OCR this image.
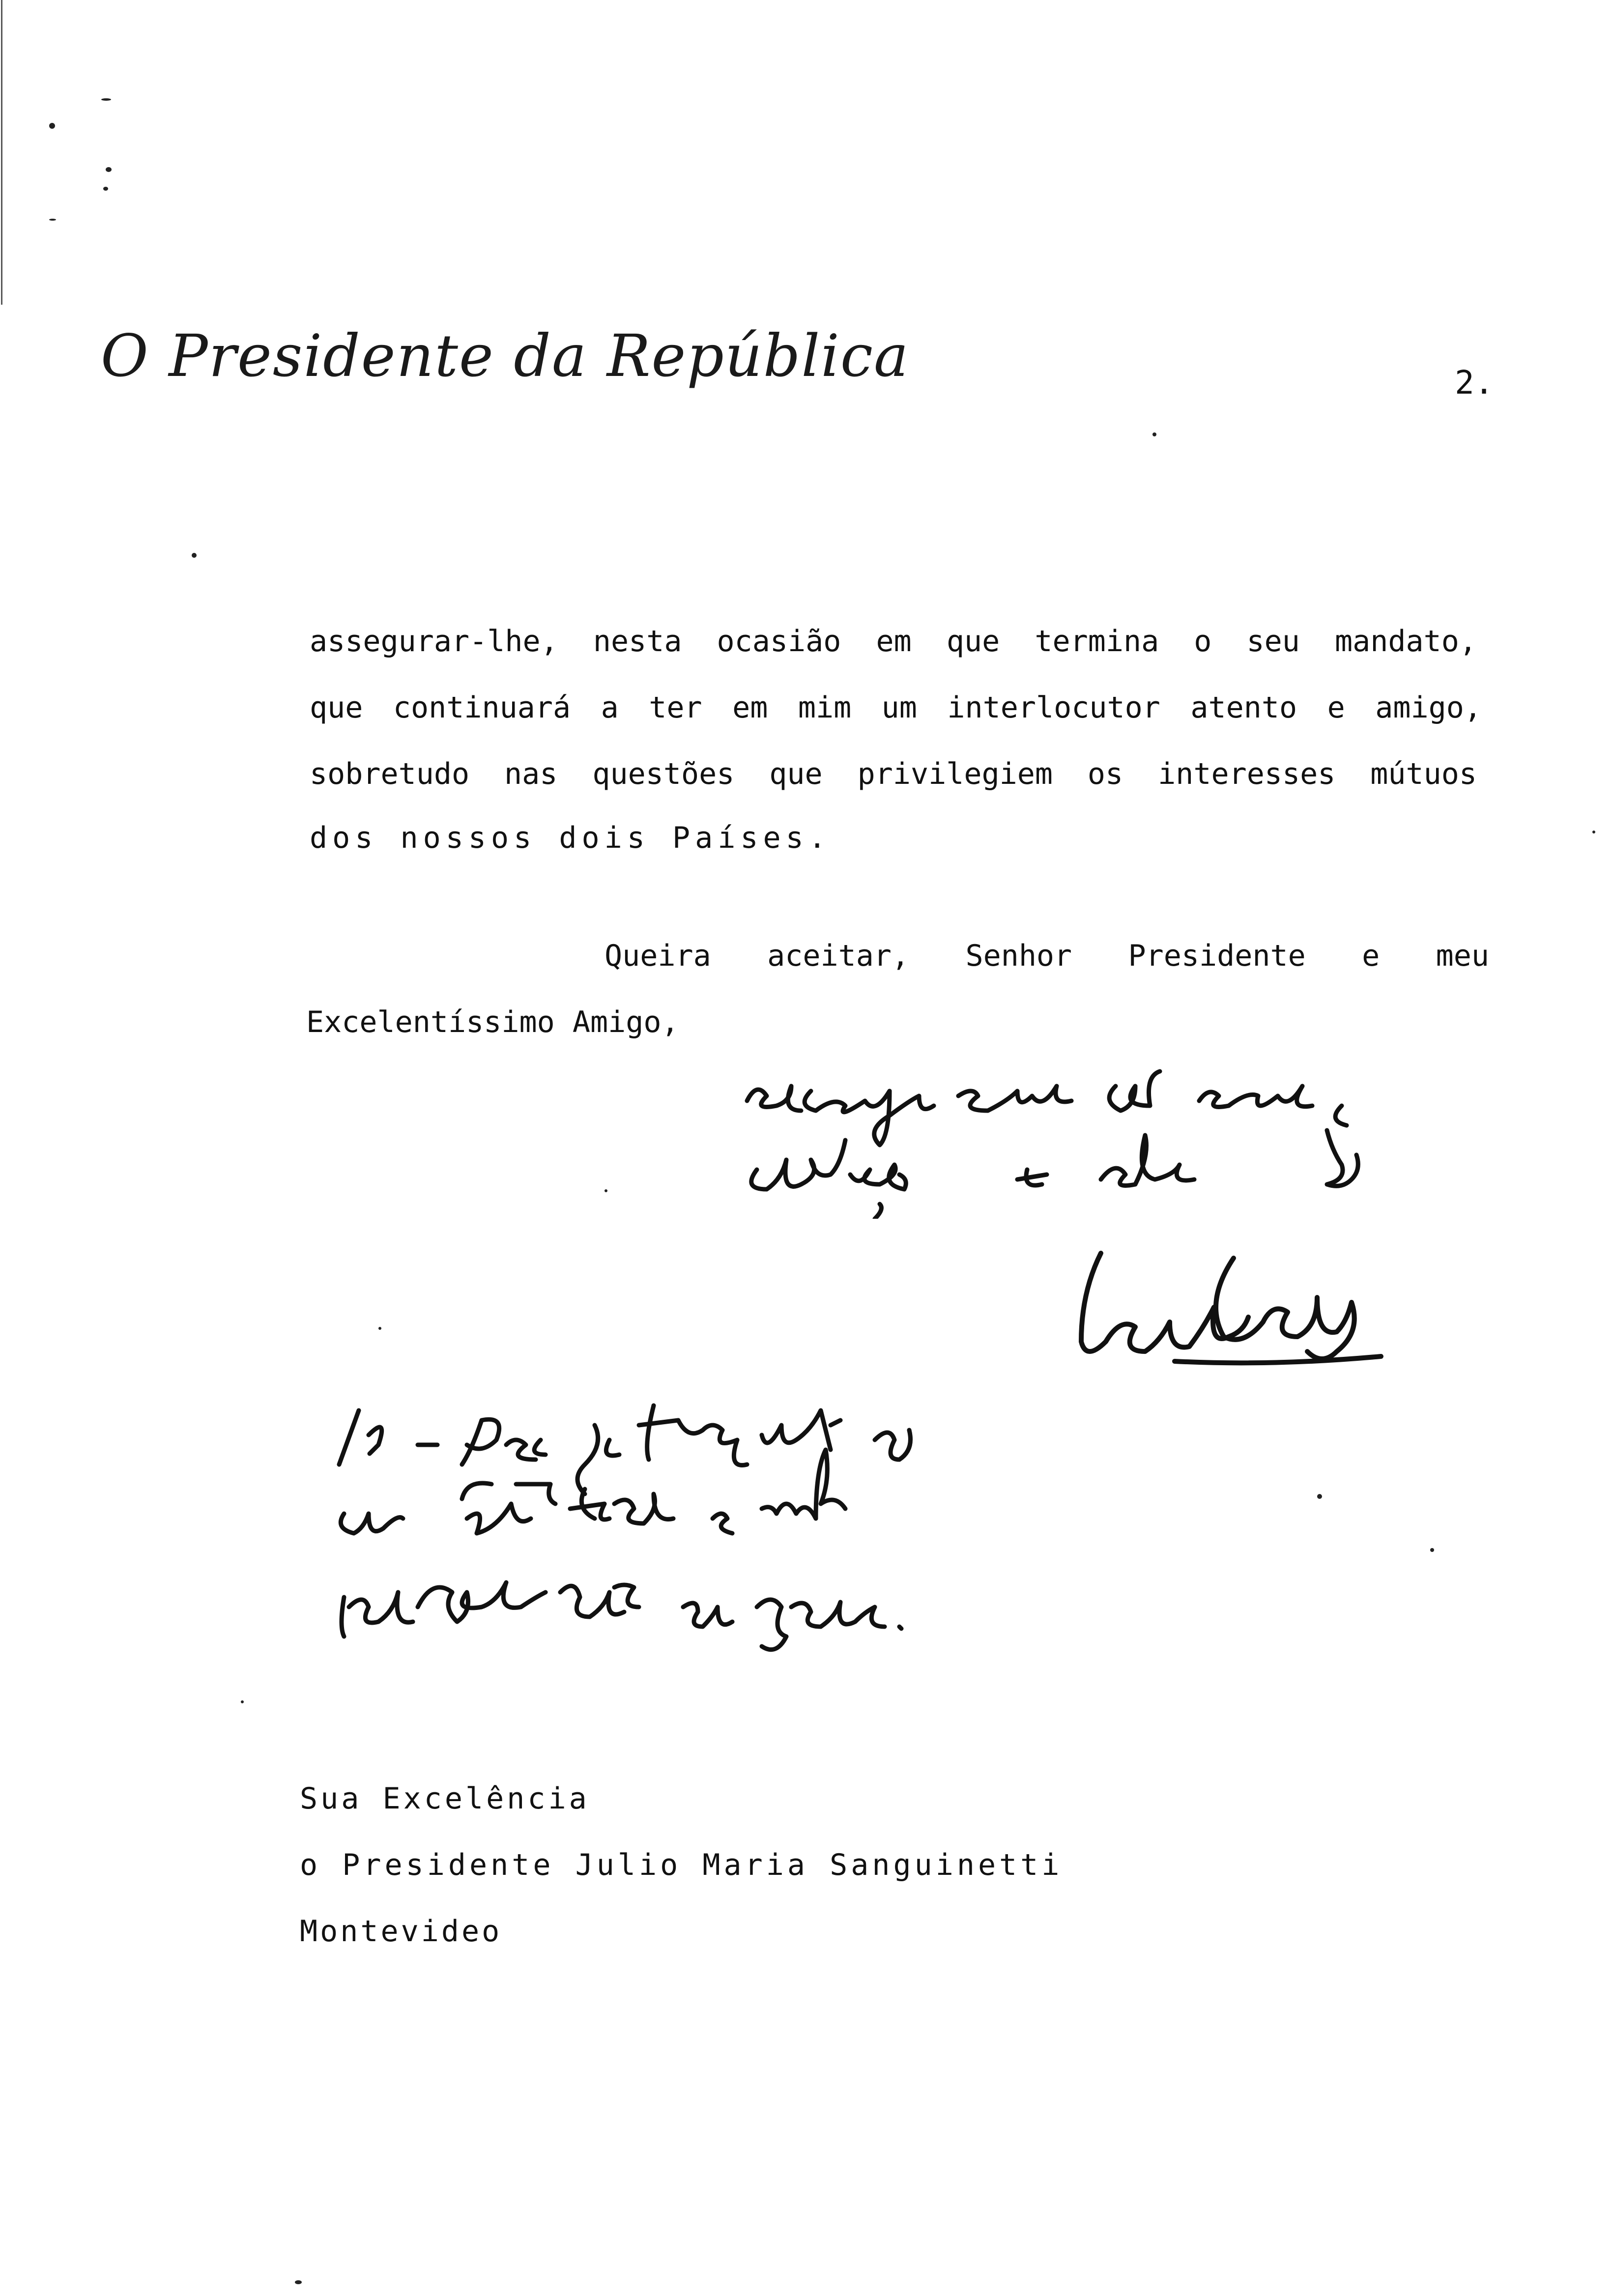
O Presidente da República	2.
assegurar-lhe, nesta ocasião em que termina o seu mandato,
que continuará a ter em mim um interlocutor atento e amigo,
sobretudo nas questões que privilegiem os interesses mútuos
dos nossos dois Países.
Queira aceitar, Senhor Presidente e meu
Excelentíssimo Amigo,
Sua Excelência
o Presidente Julio Maria Sanguinetti
Montevideo
